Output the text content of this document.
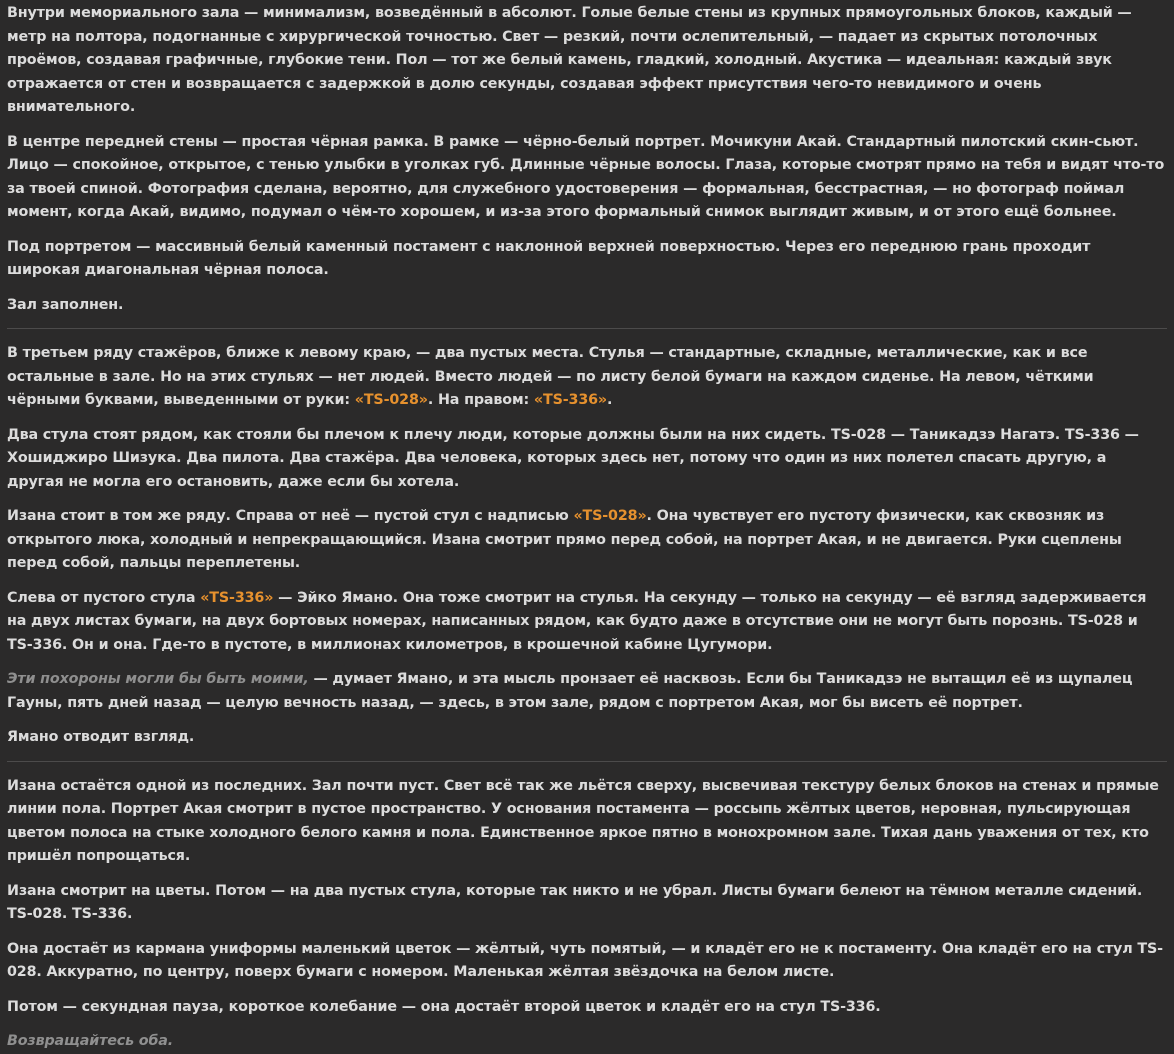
Внутри мемориального зала — минимализм, возведённый в абсолют. Голые белые стены из крупных прямоугольных блоков, каждый — метр на полтора, подогнанные с хирургической точностью. Свет — резкий, почти ослепительный, — падает из скрытых потолочных проёмов, создавая графичные, глубокие тени. Пол — тот же белый камень, гладкий, холодный. Акустика — идеальная: каждый звук отражается от стен и возвращается с задержкой в долю секунды, создавая эффект присутствия чего-то невидимого и очень внимательного.

В центре передней стены — простая чёрная рамка. В рамке — чёрно-белый портрет. Мочикуни Акай. Стандартный пилотский скин-сьют. Лицо — спокойное, открытое, с тенью улыбки в уголках губ. Длинные чёрные волосы. Глаза, которые смотрят прямо на тебя и видят что-то за твоей спиной. Фотография сделана, вероятно, для служебного удостоверения — формальная, бесстрастная, — но фотограф поймал момент, когда Акай, видимо, подумал о чём-то хорошем, и из-за этого формальный снимок выглядит живым, и от этого ещё больнее.

Под портретом — массивный белый каменный постамент с наклонной верхней поверхностью. Через его переднюю грань проходит широкая диагональная чёрная полоса.

Зал заполнен.

В третьем ряду стажёров, ближе к левому краю, — два пустых места. Стулья — стандартные, складные, металлические, как и все остальные в зале. Но на этих стульях — нет людей. Вместо людей — по листу белой бумаги на каждом сиденье. На левом, чёткими чёрными буквами, выведенными от руки: «TS-028». На правом: «TS-336».

Два стула стоят рядом, как стояли бы плечом к плечу люди, которые должны были на них сидеть. TS-028 — Таникадзэ Нагатэ. TS-336 — Хошиджиро Шизука. Два пилота. Два стажёра. Два человека, которых здесь нет, потому что один из них полетел спасать другую, а другая не могла его остановить, даже если бы хотела.

Изана стоит в том же ряду. Справа от неё — пустой стул с надписью «TS-028». Она чувствует его пустоту физически, как сквозняк из открытого люка, холодный и непрекращающийся. Изана смотрит прямо перед собой, на портрет Акая, и не двигается. Руки сцеплены перед собой, пальцы переплетены.

Слева от пустого стула «TS-336» — Эйко Ямано. Она тоже смотрит на стулья. На секунду — только на секунду — её взгляд задерживается на двух листах бумаги, на двух бортовых номерах, написанных рядом, как будто даже в отсутствие они не могут быть порознь. TS-028 и TS-336. Он и она. Где-то в пустоте, в миллионах километров, в крошечной кабине Цугумори.

Эти похороны могли бы быть моими, — думает Ямано, и эта мысль пронзает её насквозь. Если бы Таникадзэ не вытащил её из щупалец Гауны, пять дней назад — целую вечность назад, — здесь, в этом зале, рядом с портретом Акая, мог бы висеть её портрет.

Ямано отводит взгляд.

Изана остаётся одной из последних. Зал почти пуст. Свет всё так же льётся сверху, высвечивая текстуру белых блоков на стенах и прямые линии пола. Портрет Акая смотрит в пустое пространство. У основания постамента — россыпь жёлтых цветов, неровная, пульсирующая цветом полоса на стыке холодного белого камня и пола. Единственное яркое пятно в монохромном зале. Тихая дань уважения от тех, кто пришёл попрощаться.

Изана смотрит на цветы. Потом — на два пустых стула, которые так никто и не убрал. Листы бумаги белеют на тёмном металле сидений. TS-028. TS-336.

Она достаёт из кармана униформы маленький цветок — жёлтый, чуть помятый, — и кладёт его не к постаменту. Она кладёт его на стул TS-028. Аккуратно, по центру, поверх бумаги с номером. Маленькая жёлтая звёздочка на белом листе.

Потом — секундная пауза, короткое колебание — она достаёт второй цветок и кладёт его на стул TS-336.

Возвращайтесь оба.
